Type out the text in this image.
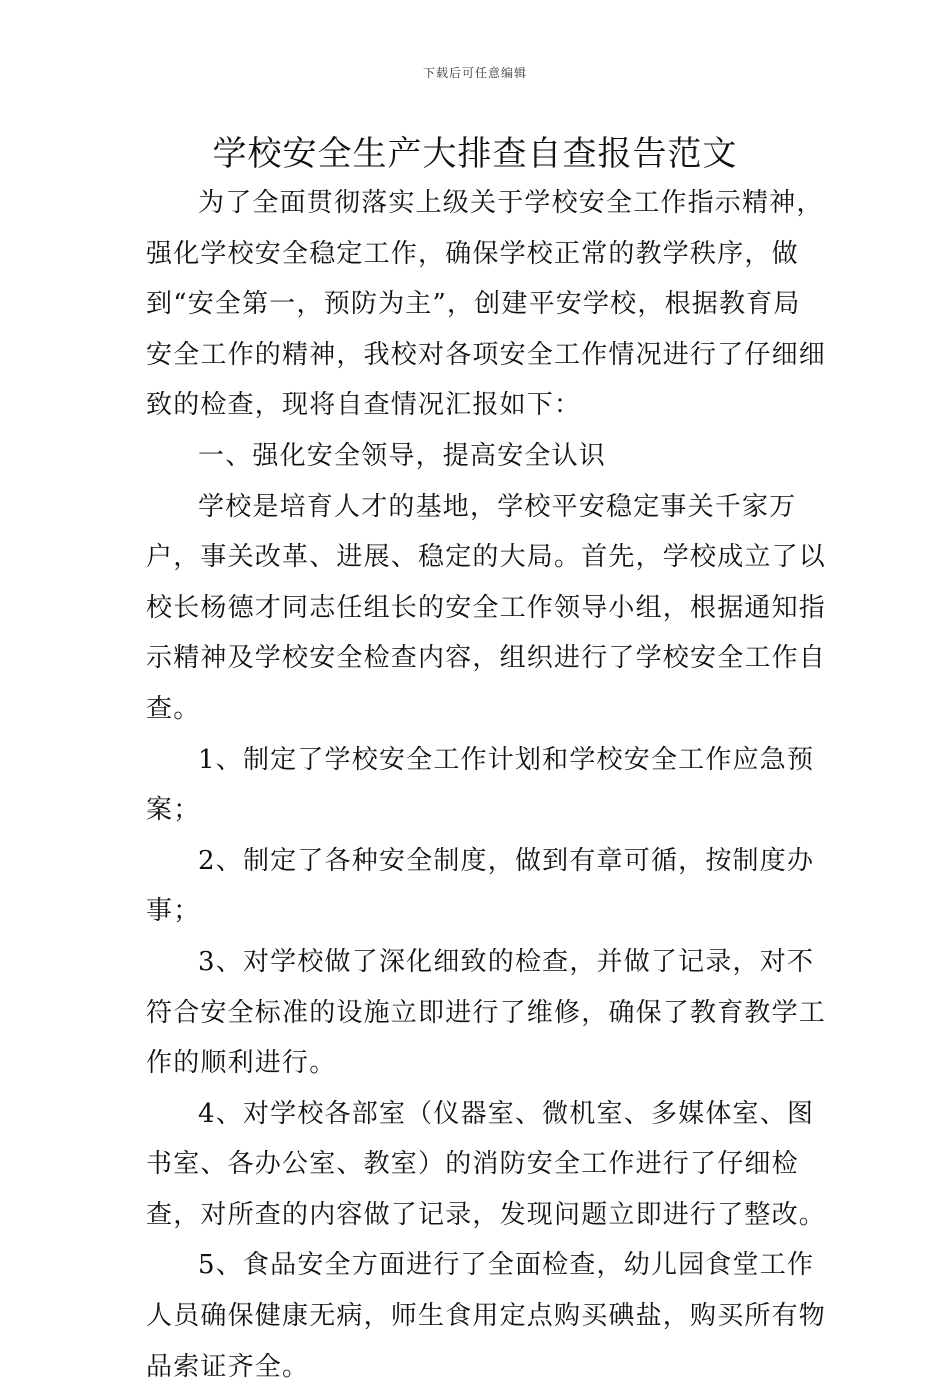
下载后可任意编辑
学校安全生产大排查自查报告范文

为了全面贯彻落实上级关于学校安全工作指示精神，强化学校安全稳定工作，确保学校正常的教学秩序，做到“安全第一，预防为主”，创建平安学校，根据教育局安全工作的精神，我校对各项安全工作情况进行了仔细细致的检查，现将自查情况汇报如下：

一、强化安全领导，提高安全认识

学校是培育人才的基地，学校平安稳定事关千家万户，事关改革、进展、稳定的大局。首先，学校成立了以校长杨德才同志任组长的安全工作领导小组，根据通知指示精神及学校安全检查内容，组织进行了学校安全工作自查。

1、制定了学校安全工作计划和学校安全工作应急预案；

2、制定了各种安全制度，做到有章可循，按制度办事；

3、对学校做了深化细致的检查，并做了记录，对不符合安全标准的设施立即进行了维修，确保了教育教学工作的顺利进行。

4、对学校各部室（仪器室、微机室、多媒体室、图书室、各办公室、教室）的消防安全工作进行了仔细检查，对所查的内容做了记录，发现问题立即进行了整改。

5、食品安全方面进行了全面检查，幼儿园食堂工作人员确保健康无病，师生食用定点购买碘盐，购买所有物品索证齐全。
